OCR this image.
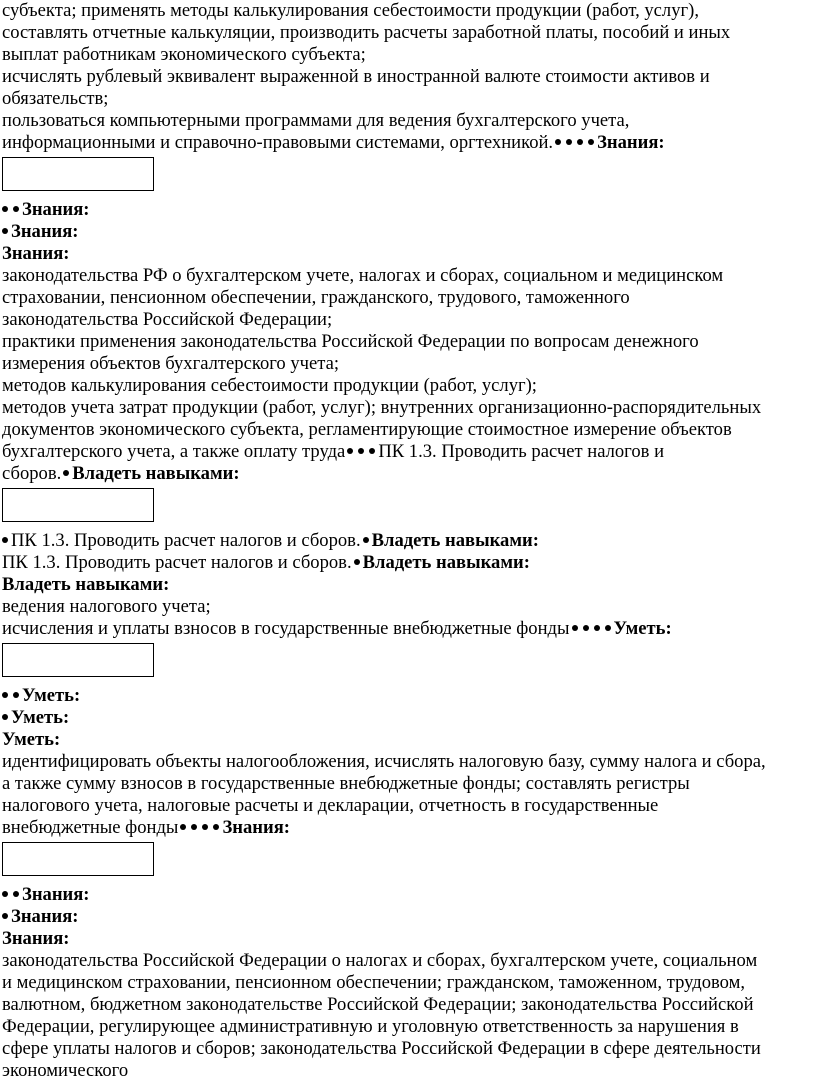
субъекта; применять методы калькулирования себестоимости продукции (работ, услуг),
составлять отчетные калькуляции, производить расчеты заработной платы, пособий и иных
выплат работникам экономического субъекта;
исчислять рублевый эквивалент выраженной в иностранной валюте стоимости активов и
обязательств;
пользоваться компьютерными программами для ведения бухгалтерского учета,
информационными и справочно-правовыми системами, оргтехникой. Знания:
Знания:
Знания:
Знания:
законодательства РФ о бухгалтерском учете, налогах и сборах, социальном и медицинском
страховании, пенсионном обеспечении, гражданского, трудового, таможенного
законодательства Российской Федерации;
практики применения законодательства Российской Федерации по вопросам денежного
измерения объектов бухгалтерского учета;
методов калькулирования себестоимости продукции (работ, услуг);
методов учета затрат продукции (работ, услуг); внутренних организационно-распорядительных
документов экономического субъекта, регламентирующие стоимостное измерение объектов
бухгалтерского учета, а также оплату труда ПК 1.3. Проводить расчет налогов и
сборов. Владеть навыками:
ПК 1.3. Проводить расчет налогов и сборов. Владеть навыками:
ПК 1.3. Проводить расчет налогов и сборов. Владеть навыками:
Владеть навыками:
ведения налогового учета;
исчисления и уплаты взносов в государственные внебюджетные фонды Уметь:
Уметь:
Уметь:
Уметь:
идентифицировать объекты налогообложения, исчислять налоговую базу, сумму налога и сбора,
а также сумму взносов в государственные внебюджетные фонды; составлять регистры
налогового учета, налоговые расчеты и декларации, отчетность в государственные
внебюджетные фонды Знания:
Знания:
Знания:
Знания:
законодательства Российской Федерации о налогах и сборах, бухгалтерском учете, социальном
и медицинском страховании, пенсионном обеспечении; гражданском, таможенном, трудовом,
валютном, бюджетном законодательстве Российской Федерации; законодательства Российской
Федерации, регулирующее административную и уголовную ответственность за нарушения в
сфере уплаты налогов и сборов; законодательства Российской Федерации в сфере деятельности
экономического
